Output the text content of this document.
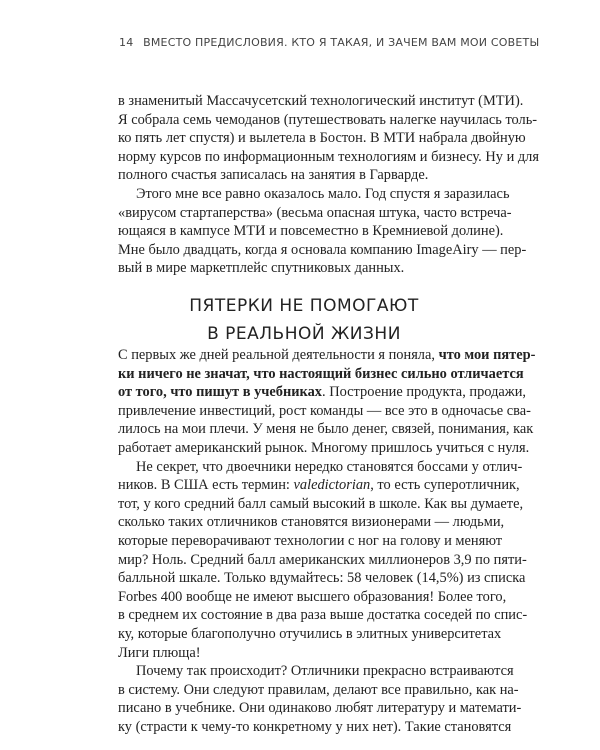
14 ВМЕСТО ПРЕДИСЛОВИЯ. КТО Я ТАКАЯ, И ЗАЧЕМ ВАМ МОИ СОВЕТЫ
в знаменитый Массачусетский технологический институт (МТИ).
Я собрала семь чемоданов (путешествовать налегке научилась толь-
ко пять лет спустя) и вылетела в Бостон. В МТИ набрала двойную
норму курсов по информационным технологиям и бизнесу. Ну и для
полного счастья записалась на занятия в Гарварде.
Этого мне все равно оказалось мало. Год спустя я заразилась
«вирусом стартаперства» (весьма опасная штука, часто встреча-
ющаяся в кампусе МТИ и повсеместно в Кремниевой долине).
Мне было двадцать, когда я основала компанию ImageAiry — пер-
вый в мире маркетплейс спутниковых данных.
ПЯТЕРКИ НЕ ПОМОГАЮТ
В РЕАЛЬНОЙ ЖИЗНИ
С первых же дней реальной деятельности я поняла, что мои пятер-
ки ничего не значат, что настоящий бизнес сильно отличается
от того, что пишут в учебниках. Построение продукта, продажи,
привлечение инвестиций, рост команды — все это в одночасье сва-
лилось на мои плечи. У меня не было денег, связей, понимания, как
работает американский рынок. Многому пришлось учиться с нуля.
Не секрет, что двоечники нередко становятся боссами у отлич-
ников. В США есть термин: valedictorian, то есть суперотличник,
тот, у кого средний балл самый высокий в школе. Как вы думаете,
сколько таких отличников становятся визионерами — людьми,
которые переворачивают технологии с ног на голову и меняют
мир? Ноль. Средний балл американских миллионеров 3,9 по пяти-
балльной шкале. Только вдумайтесь: 58 человек (14,5%) из списка
Forbes 400 вообще не имеют высшего образования! Более того,
в среднем их состояние в два раза выше достатка соседей по спис-
ку, которые благополучно отучились в элитных университетах
Лиги плюща!
Почему так происходит? Отличники прекрасно встраиваются
в систему. Они следуют правилам, делают все правильно, как на-
писано в учебнике. Они одинаково любят литературу и математи-
ку (страсти к чему-то конкретному у них нет). Такие становятся
